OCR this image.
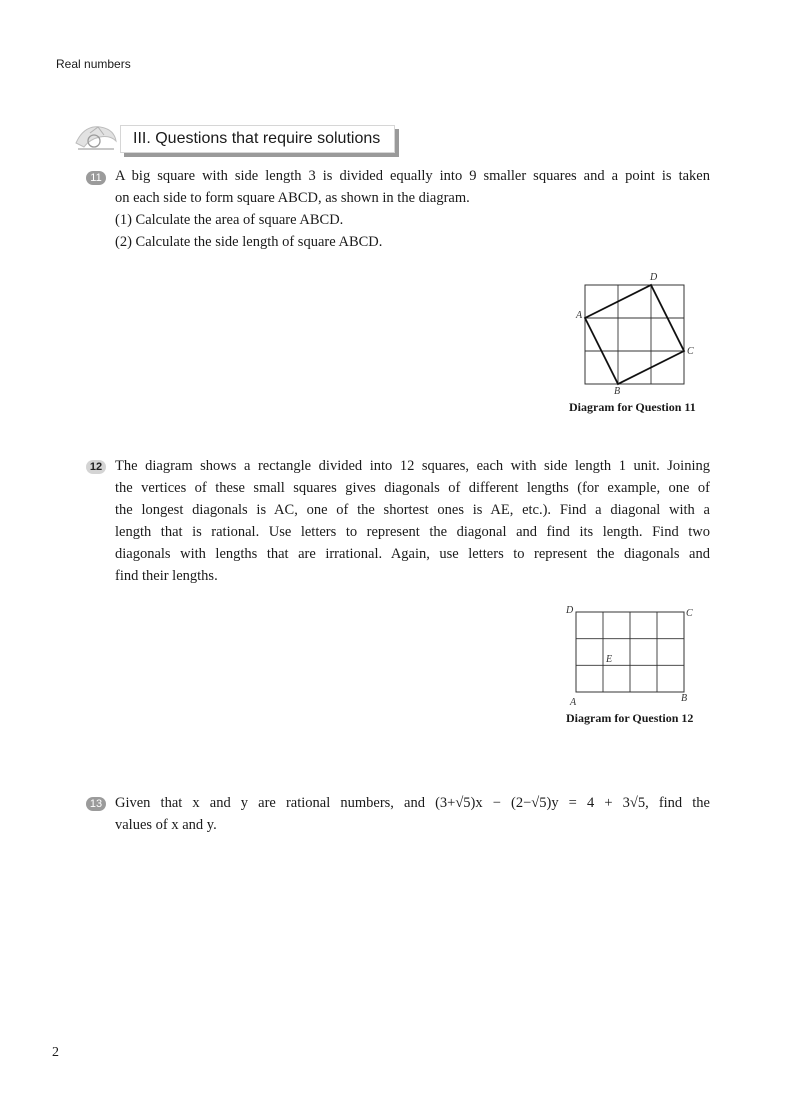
Real numbers
III. Questions that require solutions
11 A big square with side length 3 is divided equally into 9 smaller squares and a point is taken
on each side to form square ABCD, as shown in the diagram.
(1) Calculate the area of square ABCD.
(2) Calculate the side length of square ABCD.
A
B
C
D
Diagram for Question 11
12 The diagram shows a rectangle divided into 12 squares, each with side length 1 unit. Joining
the vertices of these small squares gives diagonals of different lengths (for example, one of
the longest diagonals is AC, one of the shortest ones is AE, etc.). Find a diagonal with a
length that is rational. Use letters to represent the diagonal and find its length. Find two
diagonals with lengths that are irrational. Again, use letters to represent the diagonals and
find their lengths.
D	C
E
A	B
Diagram for Question 12
13 Given that x and y are rational numbers, and (3+√5)x − (2−√5)y = 4 + 3√5, find the
values of x and y.
2
